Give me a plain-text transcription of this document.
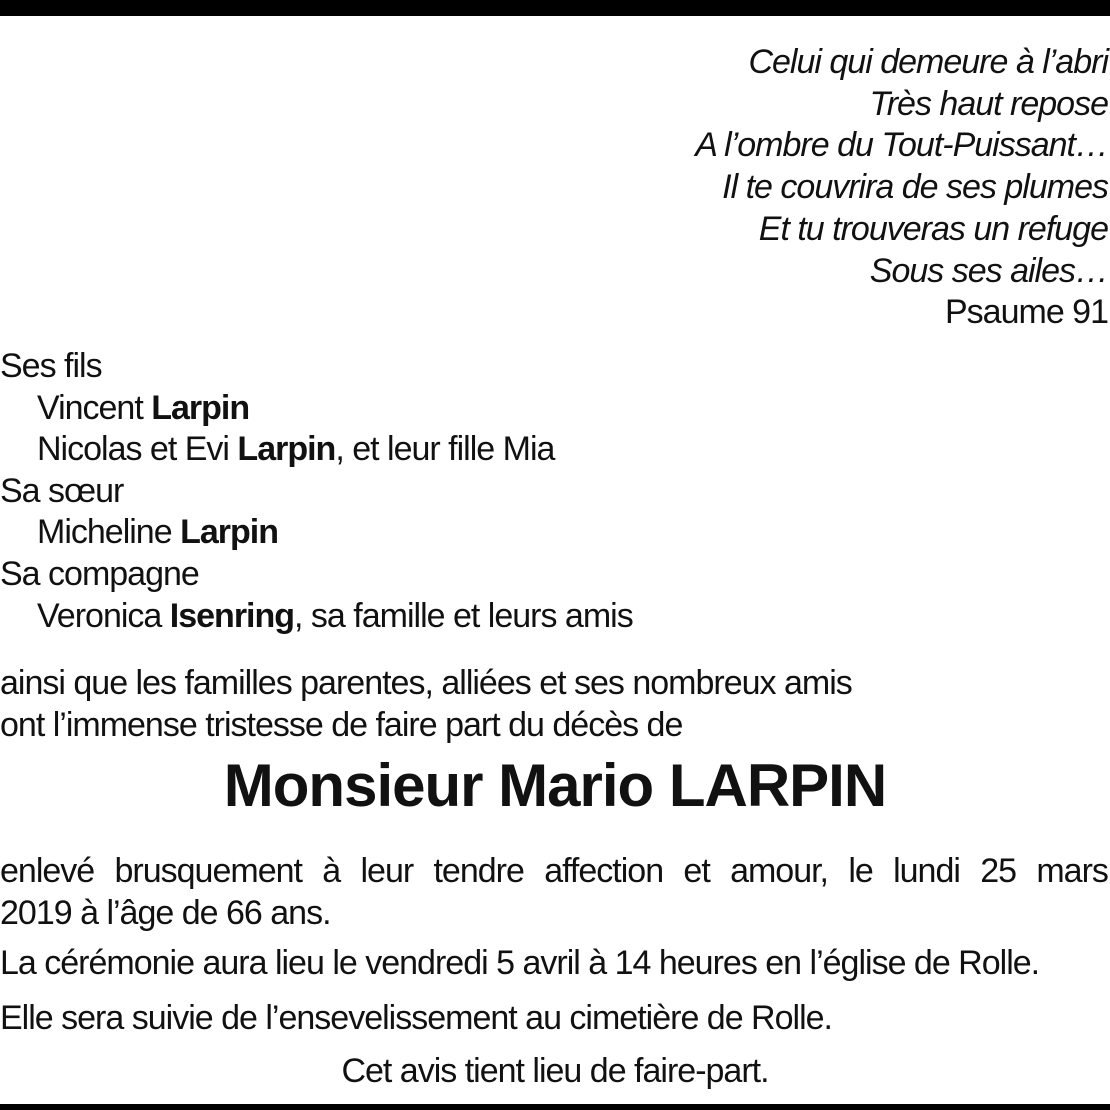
Celui qui demeure à l’abri
Très haut repose
A l’ombre du Tout-Puissant…
Il te couvrira de ses plumes
Et tu trouveras un refuge
Sous ses ailes…
Psaume 91
Ses fils
Vincent Larpin
Nicolas et Evi Larpin, et leur fille Mia
Sa sœur
Micheline Larpin
Sa compagne
Veronica Isenring, sa famille et leurs amis
ainsi que les familles parentes, alliées et ses nombreux amis
ont l’immense tristesse de faire part du décès de
Monsieur Mario LARPIN
enlevé brusquement à leur tendre affection et amour, le lundi 25 mars
2019 à l’âge de 66 ans.
La cérémonie aura lieu le vendredi 5 avril à 14 heures en l’église de Rolle.
Elle sera suivie de l’ensevelissement au cimetière de Rolle.
Cet avis tient lieu de faire-part.
